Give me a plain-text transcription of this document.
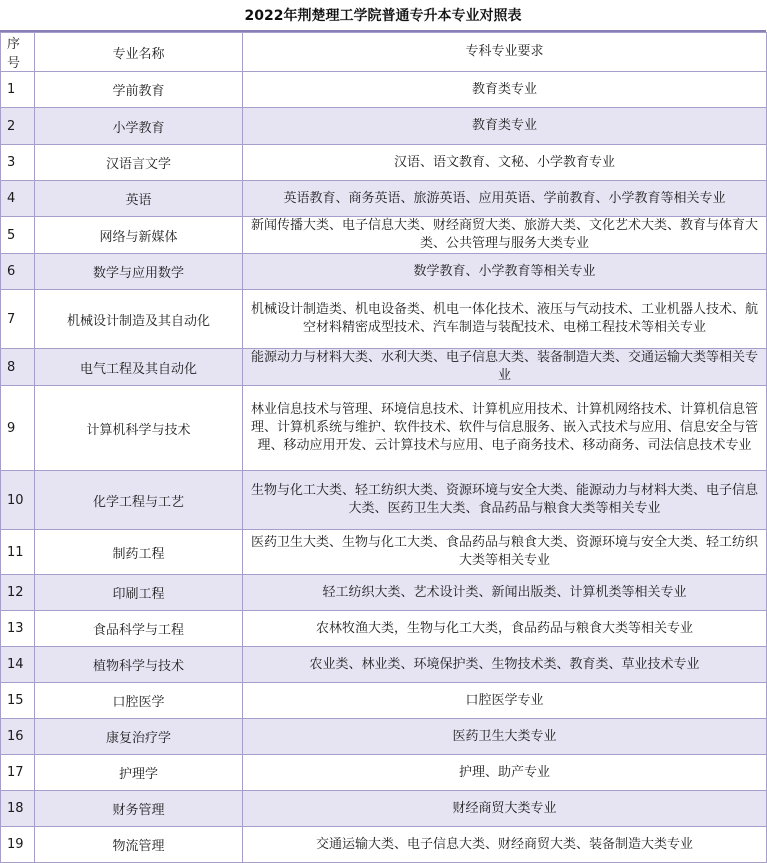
2022年荆楚理工学院普通专升本专业对照表
序号	专业名称	专科专业要求
1	学前教育	教育类专业
2	小学教育	教育类专业
3	汉语言文学	汉语、语文教育、文秘、小学教育专业
4	英语	英语教育、商务英语、旅游英语、应用英语、学前教育、小学教育等相关专业
5	网络与新媒体	新闻传播大类、电子信息大类、财经商贸大类、旅游大类、文化艺术大类、教育与体育大类、公共管理与服务大类专业
6	数学与应用数学	数学教育、小学教育等相关专业
7	机械设计制造及其自动化	机械设计制造类、机电设备类、机电一体化技术、液压与气动技术、工业机器人技术、航空材料精密成型技术、汽车制造与装配技术、电梯工程技术等相关专业
8	电气工程及其自动化	能源动力与材料大类、水利大类、电子信息大类、装备制造大类、交通运输大类等相关专业
9	计算机科学与技术	林业信息技术与管理、环境信息技术、计算机应用技术、计算机网络技术、计算机信息管理、计算机系统与维护、软件技术、软件与信息服务、嵌入式技术与应用、信息安全与管理、移动应用开发、云计算技术与应用、电子商务技术、移动商务、司法信息技术专业
10	化学工程与工艺	生物与化工大类、轻工纺织大类、资源环境与安全大类、能源动力与材料大类、电子信息大类、医药卫生大类、食品药品与粮食大类等相关专业
11	制药工程	医药卫生大类、生物与化工大类、食品药品与粮食大类、资源环境与安全大类、轻工纺织大类等相关专业
12	印刷工程	轻工纺织大类、艺术设计类、新闻出版类、计算机类等相关专业
13	食品科学与工程	农林牧渔大类，生物与化工大类，食品药品与粮食大类等相关专业
14	植物科学与技术	农业类、林业类、环境保护类、生物技术类、教育类、草业技术专业
15	口腔医学	口腔医学专业
16	康复治疗学	医药卫生大类专业
17	护理学	护理、助产专业
18	财务管理	财经商贸大类专业
19	物流管理	交通运输大类、电子信息大类、财经商贸大类、装备制造大类专业
